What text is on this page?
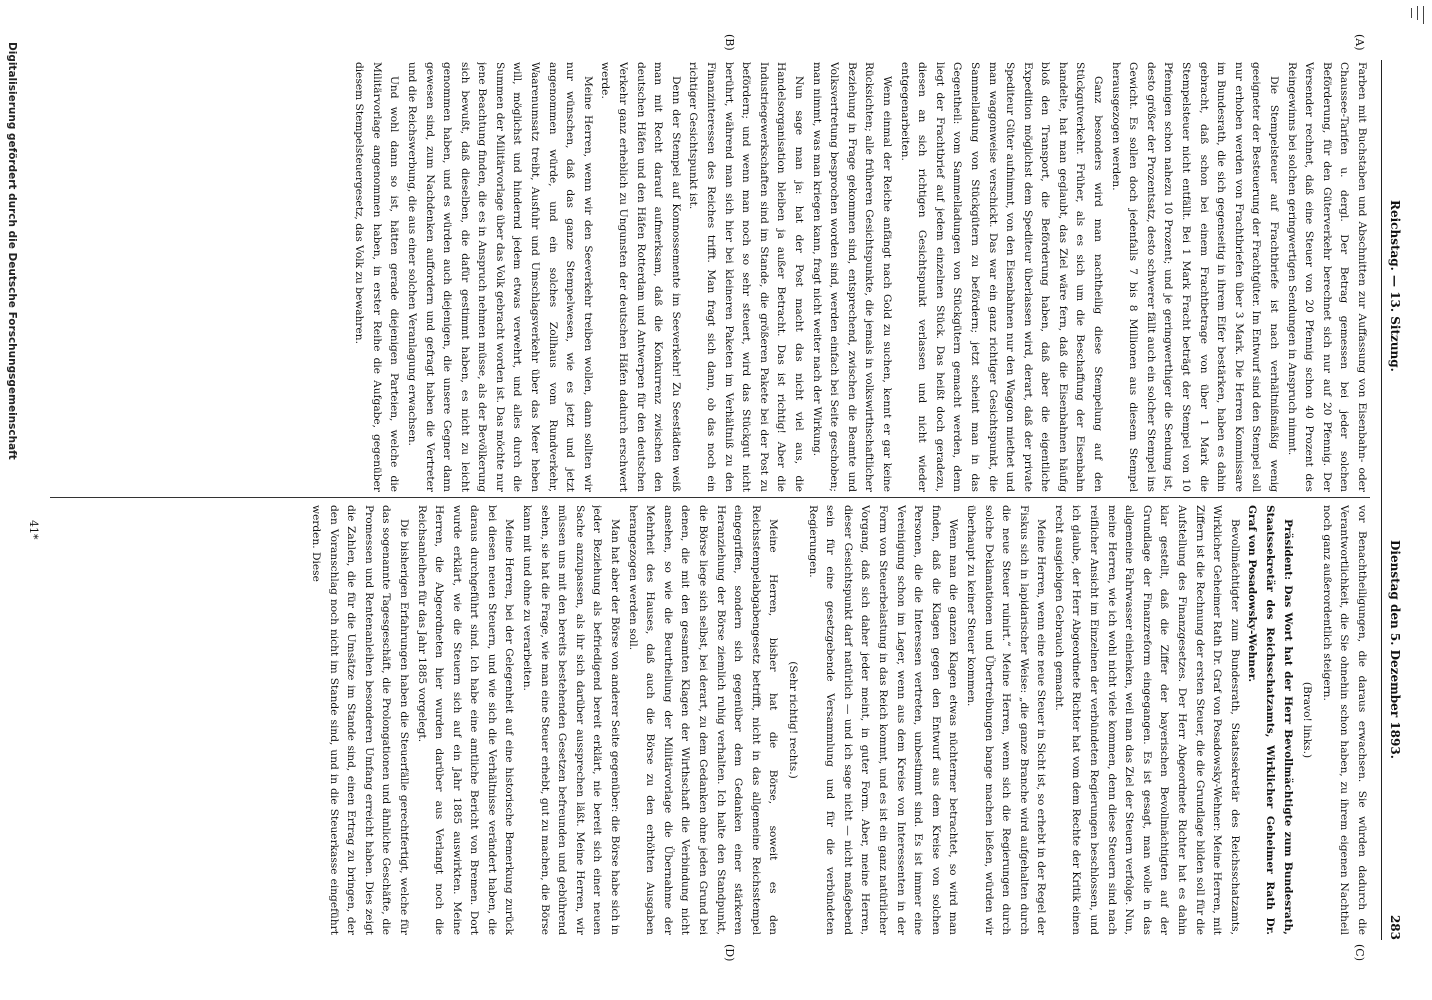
Reichstag. — 13. Sitzung.
Dienstag den 5. Dezember 1893.
283
(A)
(B)
(C)
(D)

Farben mit Buchstaben und Abschnitten zur Auffassung von Eisenbahn- oder Chaussee-Tarifen u. dergl. Der Betrag gemessen bei jeder solchen Beförderung, für den Güterverkehr berechnet sich nur auf 20 Pfennig. Der Versender rechnet, daß eine Steuer von 20 Pfennig schon 40 Prozent des Reingewinns bei solchen geringwertigen Sendungen in Anspruch nimmt.

Die Stempelsteuer auf Frachtbriefe ist nach verhältnißmäßig wenig geeigneter der Besteuerung der Frachtgüter. Im Entwurf sind den Stempel soll nur erhoben werden von Frachtbriefen über 3 Mark. Die Herren Kommissare im Bundesrath, die sich gegenseitig in ihrem Eifer bestärken, haben es dahin gebracht, daß schon bei einem Frachtbetrage von über 1 Mark die Stempelsteuer nicht entfällt. Bei 1 Mark Fracht beträgt der Stempel von 10 Pfennigen schon nahezu 10 Prozent; und je geringwerthiger die Sendung ist, desto größer der Prozentsatz, desto schwerer fällt auch ein solcher Stempel ins Gewicht. Es sollen doch jedenfalls 7 bis 8 Millionen aus diesem Stempel herausgezogen werden.

Ganz besonders wird man nachtheilig diese Stempelung auf den Stückgutverkehr. Früher, als es sich um die Beschaffung der Eisenbahn handelte, hat man geglaubt, das Ziel wäre fern, daß die Eisenbahnen häufig bloß den Transport, die Beförderung haben, daß aber die eigentliche Expedition möglichst dem Spediteur überlassen wird, derart, daß der private Spediteur Güter aufnimmt, von den Eisenbahnen nur den Waggon miethet und man waggonweise verschickt. Das war ein ganz richtiger Gesichtspunkt, die Sammelladung von Stückgütern zu befördern; jetzt scheint man in das Gegentheil: vom Sammelladungen von Stückgütern gemacht werden, denn liegt der Frachtbrief auf jedem einzelnen Stück. Das heißt doch geradezu, diesen an sich richtigen Gesichtspunkt verlassen und nicht wieder entgegenarbeiten.

Wenn einmal der Reiche anfängt nach Gold zu suchen, kennt er gar keine Rücksichten; alle früheren Gesichtspunkte, die jemals in volkswirthschaftlicher Beziehung in Frage gekommen sind, entsprechend, zwischen die Beamte und Volksvertretung besprochen worden sind, werden einfach bei Seite geschoben; man nimmt, was man kriegen kann, fragt nicht weiter nach der Wirkung.

Nun sage man ja: hat der Post macht das nicht viel aus, die Handelsorganisation bleiben ja außer Betracht. Das ist richtig! Aber die Industriegewerkschaften sind im Stande, die größeren Pakete bei der Post zu befördern; und wenn man noch so sehr steuert, wird das Stückgut nicht berührt, während man sich hier bei kleineren Paketen im Verhältniß zu den Finanzinteressen des Reiches trifft. Man fragt sich dann, ob das noch ein richtiger Gesichtspunkt ist.

Denn der Stempel auf Konnossemente im Seeverkehr! Zu Seestädten weiß man mit Recht darauf aufmerksam, daß die Konkurrenz zwischen den deutschen Häfen und den Häfen Rotterdam und Antwerpen für den deutschen Verkehr ganz erheblich zu Ungunsten der deutschen Häfen dadurch erschwert werde.

Meine Herren, wenn wir den Seeverkehr treiben wollen, dann sollten wir nur wünschen, daß das ganze Stempelwesen, wie es jetzt und jetzt angenommen würde, und ein solches Zollhaus vom Rundverkehr, Waarenumsatz treibt, Ausfuhr und Umschlagsverkehr über das Meer heben will, möglichst und hindernd jedem etwas verwehrt, und alles durch die Summen der Militärvorlage über das Volk gebracht worden ist. Das möchte nur jene Beachtung finden, die es in Anspruch nehmen müsse, als der Bevölkerung sich bewußt, daß dieselben, die dafür gestimmt haben, es nicht zu leicht genommen haben, und es würden auch diejenigen, die unsere Gegner dann gewesen sind, zum Nachdenken auffordern und gefragt haben die Vertreter und die Reichswerbung, die aus einer solchen Veranlagung erwachsen.

Und wohl dann so ist, hätten gerade diejenigen Parteien, welche die Militärvorlage angenommen haben, in erster Reihe die Aufgabe, gegenüber diesem Stempelsteuergesetz, das Volk zu bewahren.

vor Benachtheiligungen, die daraus erwachsen. Sie würden dadurch die Verantwortlichkeit, die Sie ohnehin schon haben, zu ihrem eigenen Nachtheil noch ganz außerordentlich steigern.

(Bravo! links.)

Präsident: Das Wort hat der Herr Bevollmächtigte zum Bundesrath, Staatssekretär des Reichsschatzamts, Wirklicher Geheimer Rath Dr. Graf von Posadowsky-Wehner.

Bevollmächtigter zum Bundesrath, Staatssekretär des Reichsschatzamts, Wirklicher Geheimer Rath Dr. Graf von Posadowsky-Wehner: Meine Herren, mit Ziffern ist die Rechnung der ersten Steuer, die die Grundlage bilden soll für die Aufstellung des Finanzgesetzes. Der Herr Abgeordnete Richter hat es dahin klar gestellt, daß die Ziffer der bayerischen Bevollmächtigten auf der Grundlage der Finanzreform eingegangen. Es ist gesagt, man wolle in das allgemeine Fahrwasser einlenken, weil man das Ziel der Steuern verfolge. Nun, meine Herren, wie ich wohl nicht viele kommen, denn diese Steuern sind nach reiflicher Ansicht im Einzelnen der verbündeten Regierungen beschlossen, und ich glaube, der Herr Abgeordnete Richter hat vom dem Rechte der Kritik einen recht ausgiebigen Gebrauch gemacht.

Meine Herren, wenn eine neue Steuer in Sicht ist, so erhebt in der Regel der Fiskus sich in lapidarischer Weise: „die ganze Branche wird aufgehalten durch die neue Steuer ruinirt.“ Meine Herren, wenn sich die Regierungen durch solche Deklamationen und Übertreibungen bange machen ließen, würden wir überhaupt zu keiner Steuer kommen.

Wenn man die ganzen Klagen etwas nüchterner betrachtet, so wird man finden, daß die Klagen gegen den Entwurf aus dem Kreise von solchen Personen, die die Interessen vertreten, unbestimmt sind. Es ist immer eine Vereinigung schon im Lager, wenn aus dem Kreise von Interessenten in der Form von Steuerbelastung in das Reich kommt, und es ist ein ganz natürlicher Vorgang, daß sich daher jeder meint, in guter Form. Aber, meine Herren, dieser Gesichtspunkt darf natürlich — und ich sage nicht — nicht maßgebend sein für eine gesetzgebende Versammlung und für die verbündeten Regierungen.

(Sehr richtig! rechts.)

Meine Herren, bisher hat die Börse, soweit es den Reichsstempelabgabengesetz betrifft, nicht in das allgemeine Reichsstempel eingegriffen, sondern sich gegenüber dem Gedanken einer stärkeren Heranziehung der Börse ziemlich ruhig verhalten. Ich halte den Standpunkt, die Börse liege sich selbst, bei derart, zu dem Gedanken ohne jeden Grund bei denen, die mit den gesamten Klagen der Wirthschaft die Verbindung nicht ansehen, so wie die Beurtheilung der Militärvorlage die Übernahme der Mehrheit des Hauses, daß auch die Börse zu den erhöhten Ausgaben herangezogen werden soll.

Man hat aber der Börse von anderer Seite gegenüber: die Börse habe sich in jeder Beziehung als befriedigend bereit erklärt, nie bereit sich einer neuen Sache anzupassen, als ihr sich darüber aussprechen läßt. Meine Herren, wir müssen uns mit den bereits bestehenden Gesetzen befreunden und gebührend sehen, sie hat die Frage, wie man eine Steuer erhebt, gut zu machen, die Börse kann mit und ohne zu verarbeiten.

Meine Herren, bei der Gelegenheit auf eine historische Bemerkung zurück bei diesen neuen Steuern, und wie sich die Verhältnisse verändert haben, die daraus durchgeführt sind. Ich habe eine amtliche Bericht von Bremen. Dort wurde erklärt, wie die Steuern sich auf ein Jahr 1885 auswirkten. Meine Herren, die Abgeordneten hier wurden darüber aus Verlangt noch die Reichsanleihen für das Jahr 1885 vorgelegt.

Die bisherigen Erfahrungen haben die Steuerfälle gerechtfertigt, welche für das sogenannte Tagesgeschäft, die Prolongationen und ähnliche Geschäfte, die Promessen und Rentenanleihen besonderen Umfang erreicht haben. Dies zeigt die Zahlen, die für die Umsätze im Stande sind, einen Ertrag zu bringen, der den Voranschlag noch nicht im Stande sind, und in die Steuerkasse eingeführt werden. Diese

41*
Digitalisierung gefördert durch die Deutsche Forschungsgemeinschaft
